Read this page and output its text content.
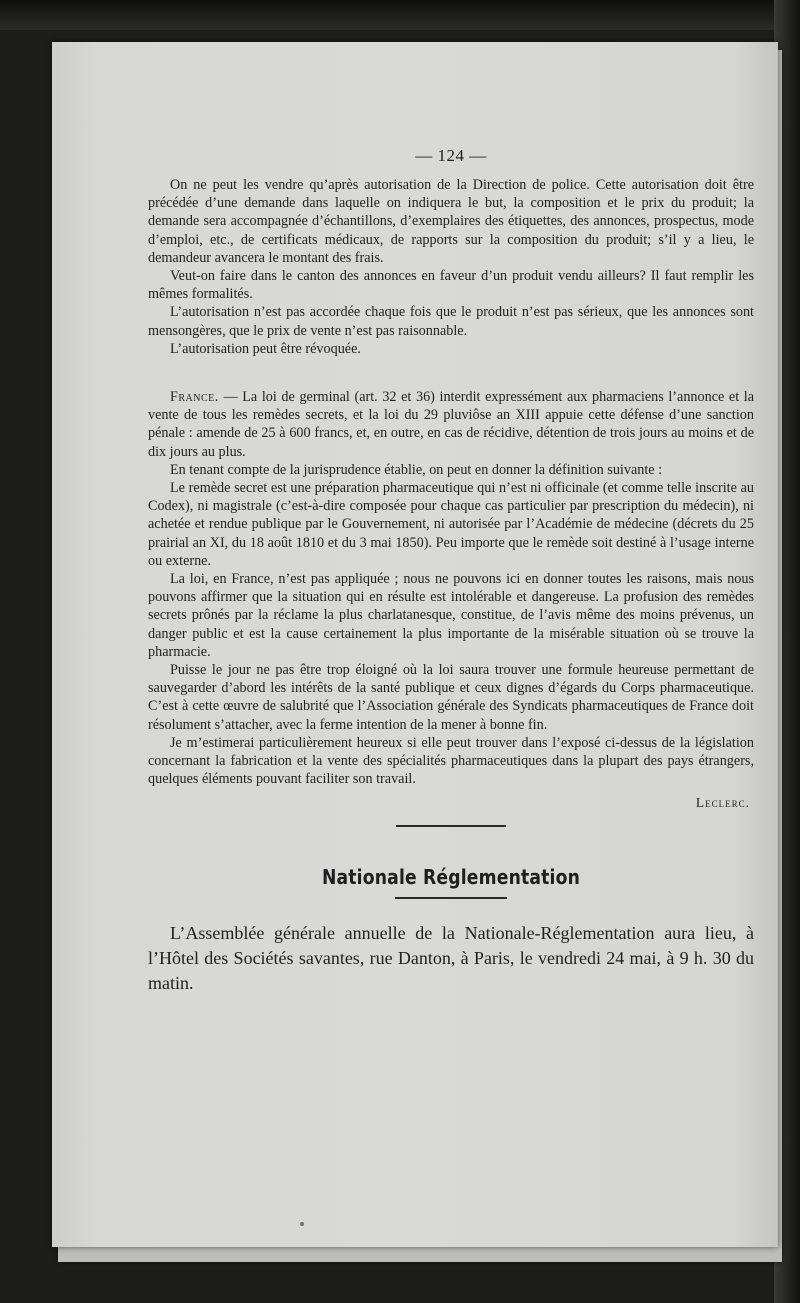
— 124 —

On ne peut les vendre qu’après autorisation de la Direction de police. Cette autorisation doit être précédée d’une demande dans laquelle on indiquera le but, la composition et le prix du produit; la demande sera accompagnée d’échantillons, d’exemplaires des étiquettes, des annonces, prospectus, mode d’emploi, etc., de certificats médicaux, de rapports sur la composition du produit; s’il y a lieu, le demandeur avancera le montant des frais.

Veut-on faire dans le canton des annonces en faveur d’un produit vendu ailleurs? Il faut remplir les mêmes formalités.

L’autorisation n’est pas accordée chaque fois que le produit n’est pas sérieux, que les annonces sont mensongères, que le prix de vente n’est pas raisonnable.

L’autorisation peut être révoquée.

France. — La loi de germinal (art. 32 et 36) interdit expressément aux pharmaciens l’annonce et la vente de tous les remèdes secrets, et la loi du 29 pluviôse an XIII appuie cette défense d’une sanction pénale : amende de 25 à 600 francs, et, en outre, en cas de récidive, détention de trois jours au moins et de dix jours au plus.

En tenant compte de la jurisprudence établie, on peut en donner la définition suivante :

Le remède secret est une préparation pharmaceutique qui n’est ni officinale (et comme telle inscrite au Codex), ni magistrale (c’est-à-dire composée pour chaque cas particulier par prescription du médecin), ni achetée et rendue publique par le Gouvernement, ni autorisée par l’Académie de médecine (décrets du 25 prairial an XI, du 18 août 1810 et du 3 mai 1850). Peu importe que le remède soit destiné à l’usage interne ou externe.

La loi, en France, n’est pas appliquée ; nous ne pouvons ici en donner toutes les raisons, mais nous pouvons affirmer que la situation qui en résulte est intolérable et dangereuse. La profusion des remèdes secrets prônés par la réclame la plus charlatanesque, constitue, de l’avis même des moins prévenus, un danger public et est la cause certainement la plus importante de la misérable situation où se trouve la pharmacie.

Puisse le jour ne pas être trop éloigné où la loi saura trouver une formule heureuse permettant de sauvegarder d’abord les intérêts de la santé publique et ceux dignes d’égards du Corps pharmaceutique. C’est à cette œuvre de salubrité que l’Association générale des Syndicats pharmaceutiques de France doit résolument s’attacher, avec la ferme intention de la mener à bonne fin.

Je m’estimerai particulièrement heureux si elle peut trouver dans l’exposé ci-dessus de la législation concernant la fabrication et la vente des spécialités pharmaceutiques dans la plupart des pays étrangers, quelques éléments pouvant faciliter son travail.

Leclerc.
Nationale Réglementation

L’Assemblée générale annuelle de la Nationale-Réglementation aura lieu, à l’Hôtel des Sociétés savantes, rue Danton, à Paris, le vendredi 24 mai, à 9 h. 30 du matin.
